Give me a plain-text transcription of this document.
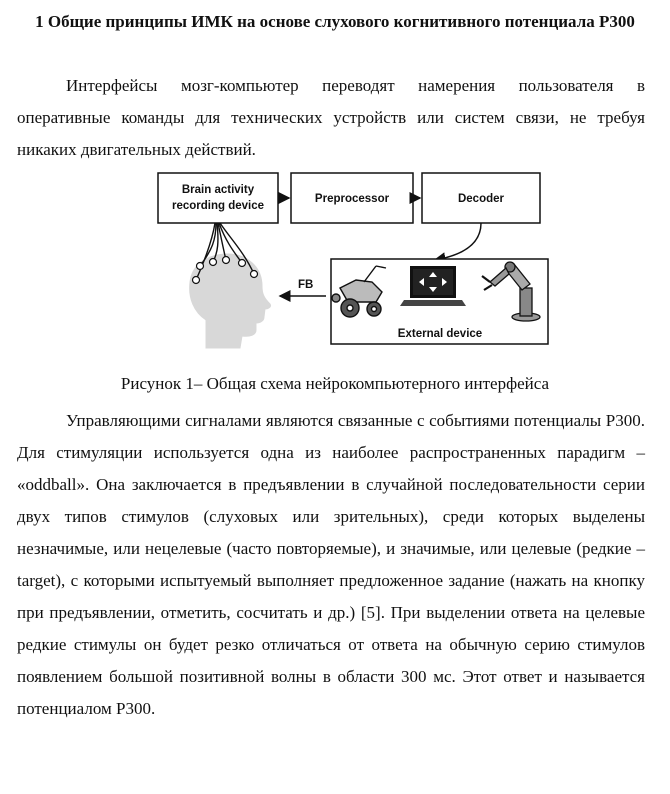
1 Общие принципы ИМК на основе слухового когнитивного потенциала Р300

Интерфейсы мозг-компьютер переводят намерения пользователя в оперативные команды для технических устройств или систем связи, не требуя никаких двигательных действий.

Brain activity
recording device
Preprocessor	Decoder
FB
External device

Рисунок 1– Общая схема нейрокомпьютерного интерфейса

Управляющими сигналами являются связанные с событиями потенциалы Р300. Для стимуляции используется одна из наиболее распространенных парадигм – «oddball». Она заключается в предъявлении в случайной последовательности серии двух типов стимулов (слуховых или зрительных), среди которых выделены незначимые, или нецелевые (часто повторяемые), и значимые, или целевые (редкие – target), с которыми испытуемый выполняет предложенное задание (нажать на кнопку при предъявлении, отметить, сосчитать и др.) [5]. При выделении ответа на целевые редкие стимулы он будет резко отличаться от ответа на обычную серию стимулов появлением большой позитивной волны в области 300 мс. Этот ответ и называется потенциалом Р300.
